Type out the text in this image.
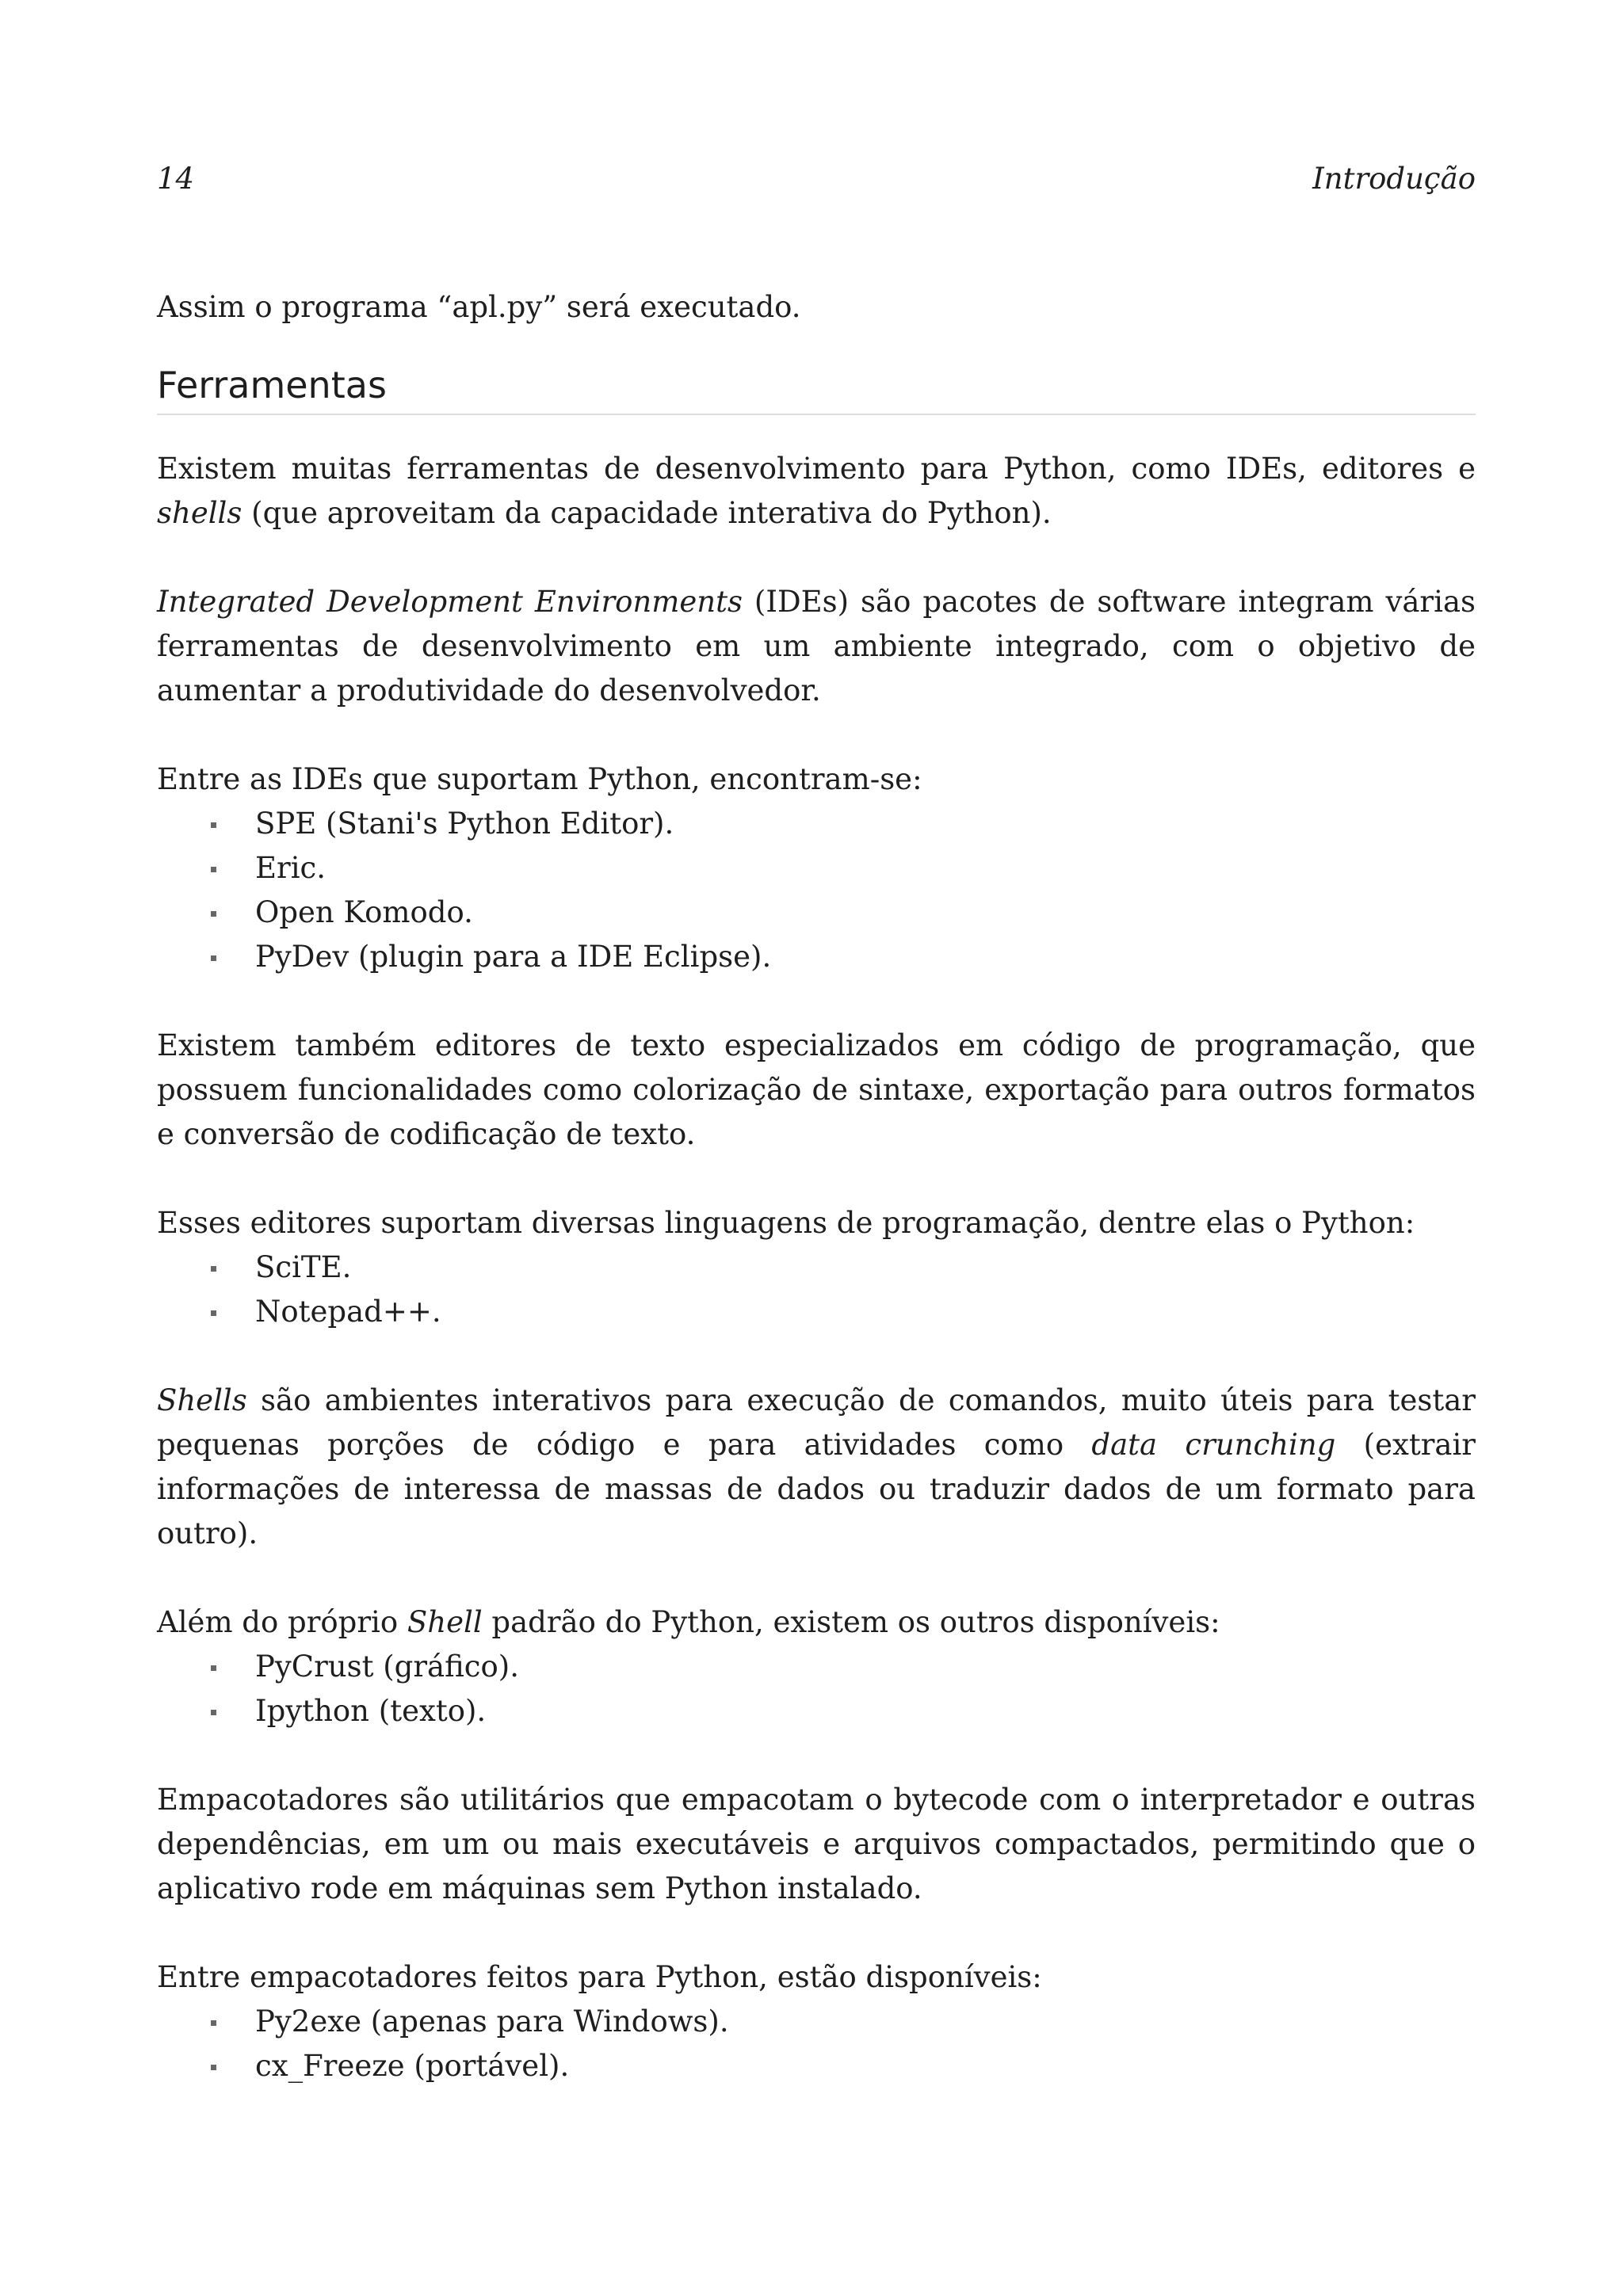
14	Introdução

Assim o programa “apl.py” será executado.

Ferramentas

Existem muitas ferramentas de desenvolvimento para Python, como IDEs, editores e shells (que aproveitam da capacidade interativa do Python).

Integrated Development Environments (IDEs) são pacotes de software integram várias ferramentas de desenvolvimento em um ambiente integrado, com o objetivo de aumentar a produtividade do desenvolvedor.

Entre as IDEs que suportam Python, encontram-se:

SPE (Stani's Python Editor).
Eric.
Open Komodo.
PyDev (plugin para a IDE Eclipse).

Existem também editores de texto especializados em código de programação, que possuem funcionalidades como colorização de sintaxe, exportação para outros formatos e conversão de codificação de texto.

Esses editores suportam diversas linguagens de programação, dentre elas o Python:

SciTE.
Notepad++.

Shells são ambientes interativos para execução de comandos, muito úteis para testar pequenas porções de código e para atividades como data crunching (extrair informações de interessa de massas de dados ou traduzir dados de um formato para outro).

Além do próprio Shell padrão do Python, existem os outros disponíveis:

PyCrust (gráfico).
Ipython (texto).

Empacotadores são utilitários que empacotam o bytecode com o interpretador e outras dependências, em um ou mais executáveis e arquivos compactados, permitindo que o aplicativo rode em máquinas sem Python instalado.

Entre empacotadores feitos para Python, estão disponíveis:

Py2exe (apenas para Windows).
cx_Freeze (portável).
